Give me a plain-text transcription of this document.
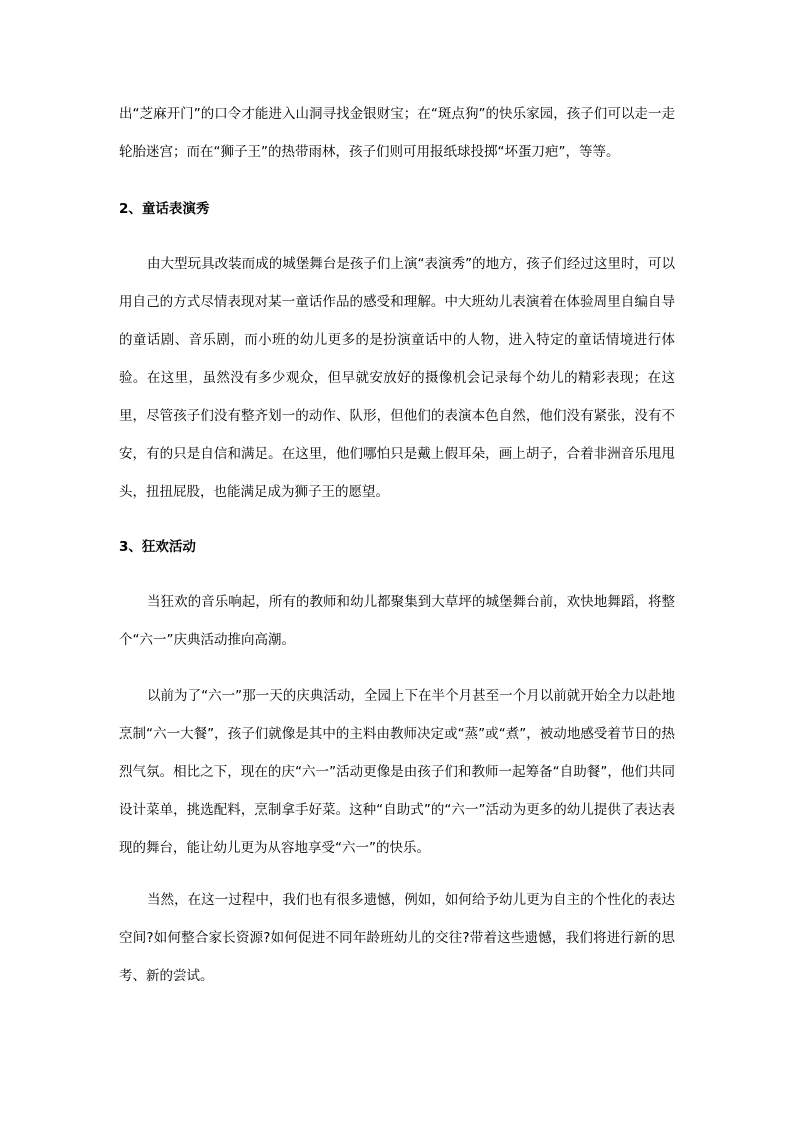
出“芝麻开门”的口令才能进入山洞寻找金银财宝；在“斑点狗”的快乐家园，孩子们可以走一走轮胎迷宫；而在“狮子王”的热带雨林，孩子们则可用报纸球投掷“坏蛋刀疤”，等等。

2、童话表演秀

由大型玩具改装而成的城堡舞台是孩子们上演“表演秀”的地方，孩子们经过这里时，可以用自己的方式尽情表现对某一童话作品的感受和理解。中大班幼儿表演着在体验周里自编自导的童话剧、音乐剧，而小班的幼儿更多的是扮演童话中的人物，进入特定的童话情境进行体验。在这里，虽然没有多少观众，但早就安放好的摄像机会记录每个幼儿的精彩表现；在这里，尽管孩子们没有整齐划一的动作、队形，但他们的表演本色自然，他们没有紧张，没有不安，有的只是自信和满足。在这里，他们哪怕只是戴上假耳朵，画上胡子，合着非洲音乐甩甩头，扭扭屁股，也能满足成为狮子王的愿望。

3、狂欢活动

当狂欢的音乐响起，所有的教师和幼儿都聚集到大草坪的城堡舞台前，欢快地舞蹈，将整个“六一”庆典活动推向高潮。

以前为了“六一”那一天的庆典活动，全园上下在半个月甚至一个月以前就开始全力以赴地烹制“六一大餐”，孩子们就像是其中的主料由教师决定或“蒸”或“煮”，被动地感受着节日的热烈气氛。相比之下，现在的庆“六一”活动更像是由孩子们和教师一起筹备“自助餐”，他们共同设计菜单，挑选配料，烹制拿手好菜。这种“自助式”的“六一”活动为更多的幼儿提供了表达表现的舞台，能让幼儿更为从容地享受“六一”的快乐。

当然，在这一过程中，我们也有很多遗憾，例如，如何给予幼儿更为自主的个性化的表达空间?如何整合家长资源?如何促进不同年龄班幼儿的交往?带着这些遗憾，我们将进行新的思考、新的尝试。
